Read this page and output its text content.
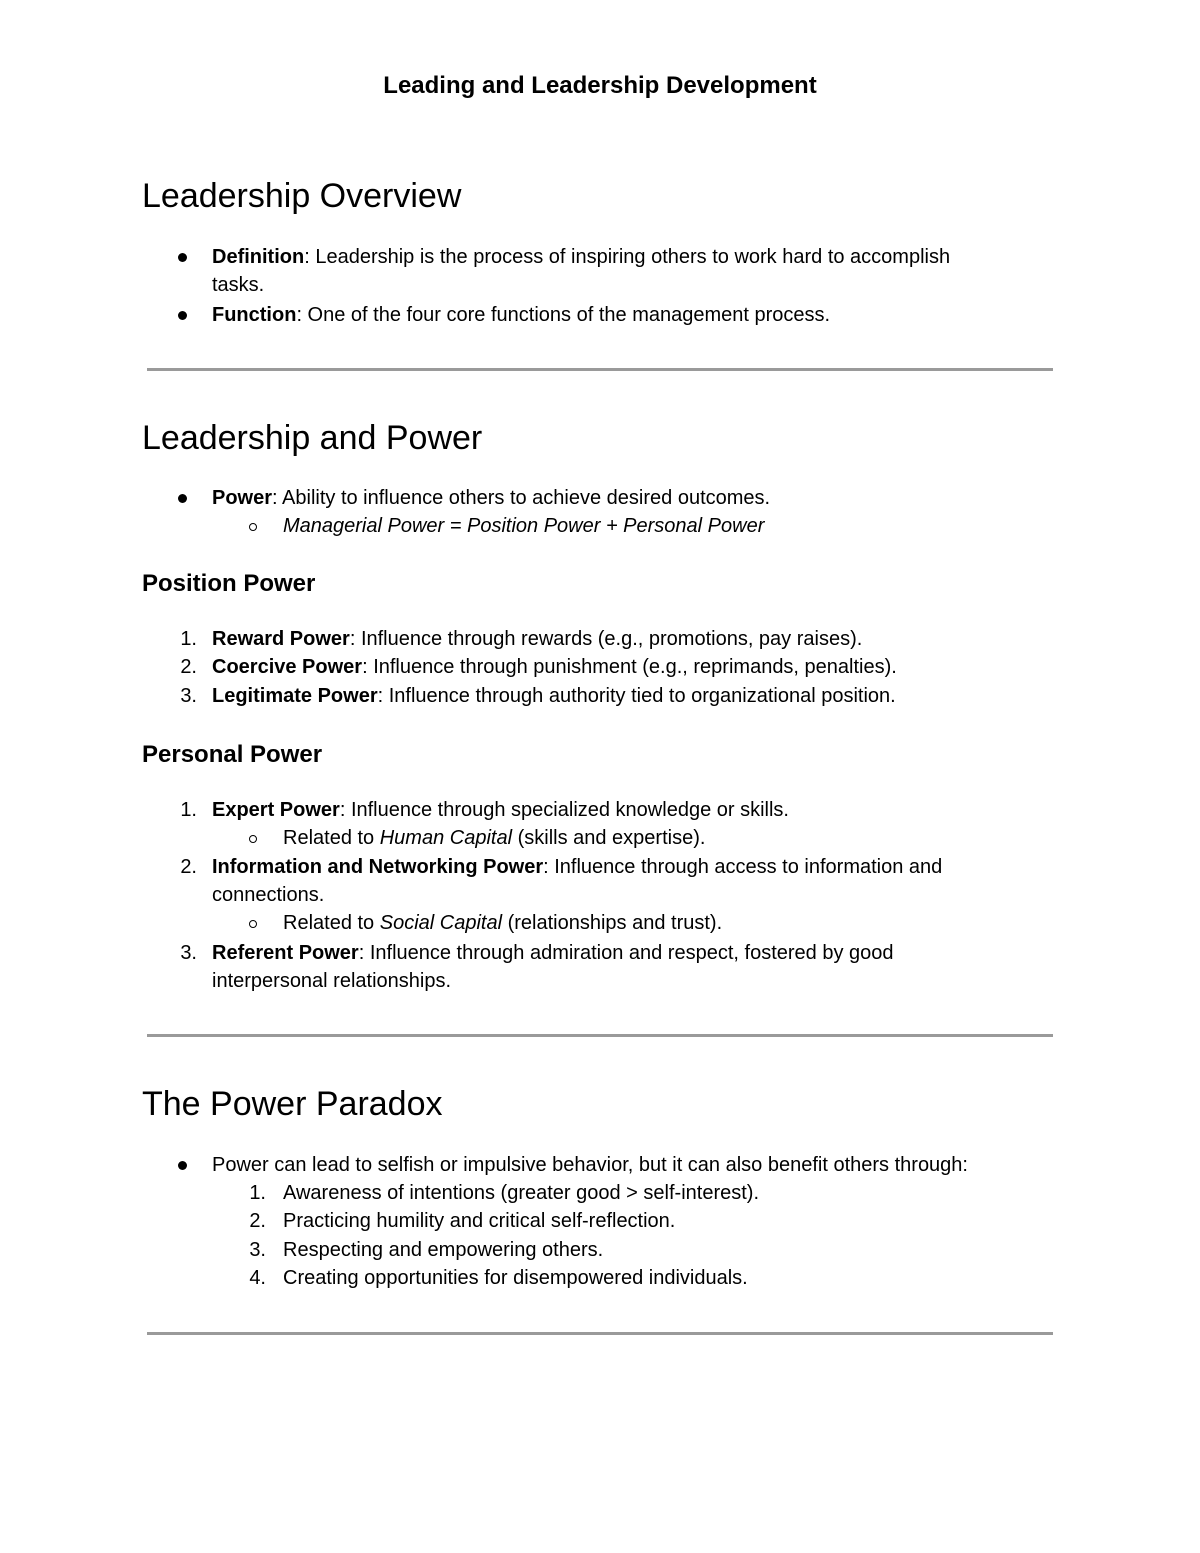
Leading and Leadership Development
Leadership Overview
Definition: Leadership is the process of inspiring others to work hard to accomplish
tasks.
Function: One of the four core functions of the management process.
Leadership and Power
Power: Ability to influence others to achieve desired outcomes.
Managerial Power = Position Power + Personal Power
Position Power
1. Reward Power: Influence through rewards (e.g., promotions, pay raises).
2. Coercive Power: Influence through punishment (e.g., reprimands, penalties).
3. Legitimate Power: Influence through authority tied to organizational position.
Personal Power
1. Expert Power: Influence through specialized knowledge or skills.
Related to Human Capital (skills and expertise).
2. Information and Networking Power: Influence through access to information and
connections.
Related to Social Capital (relationships and trust).
3. Referent Power: Influence through admiration and respect, fostered by good
interpersonal relationships.
The Power Paradox
Power can lead to selfish or impulsive behavior, but it can also benefit others through:
1. Awareness of intentions (greater good > self-interest).
2. Practicing humility and critical self-reflection.
3. Respecting and empowering others.
4. Creating opportunities for disempowered individuals.
